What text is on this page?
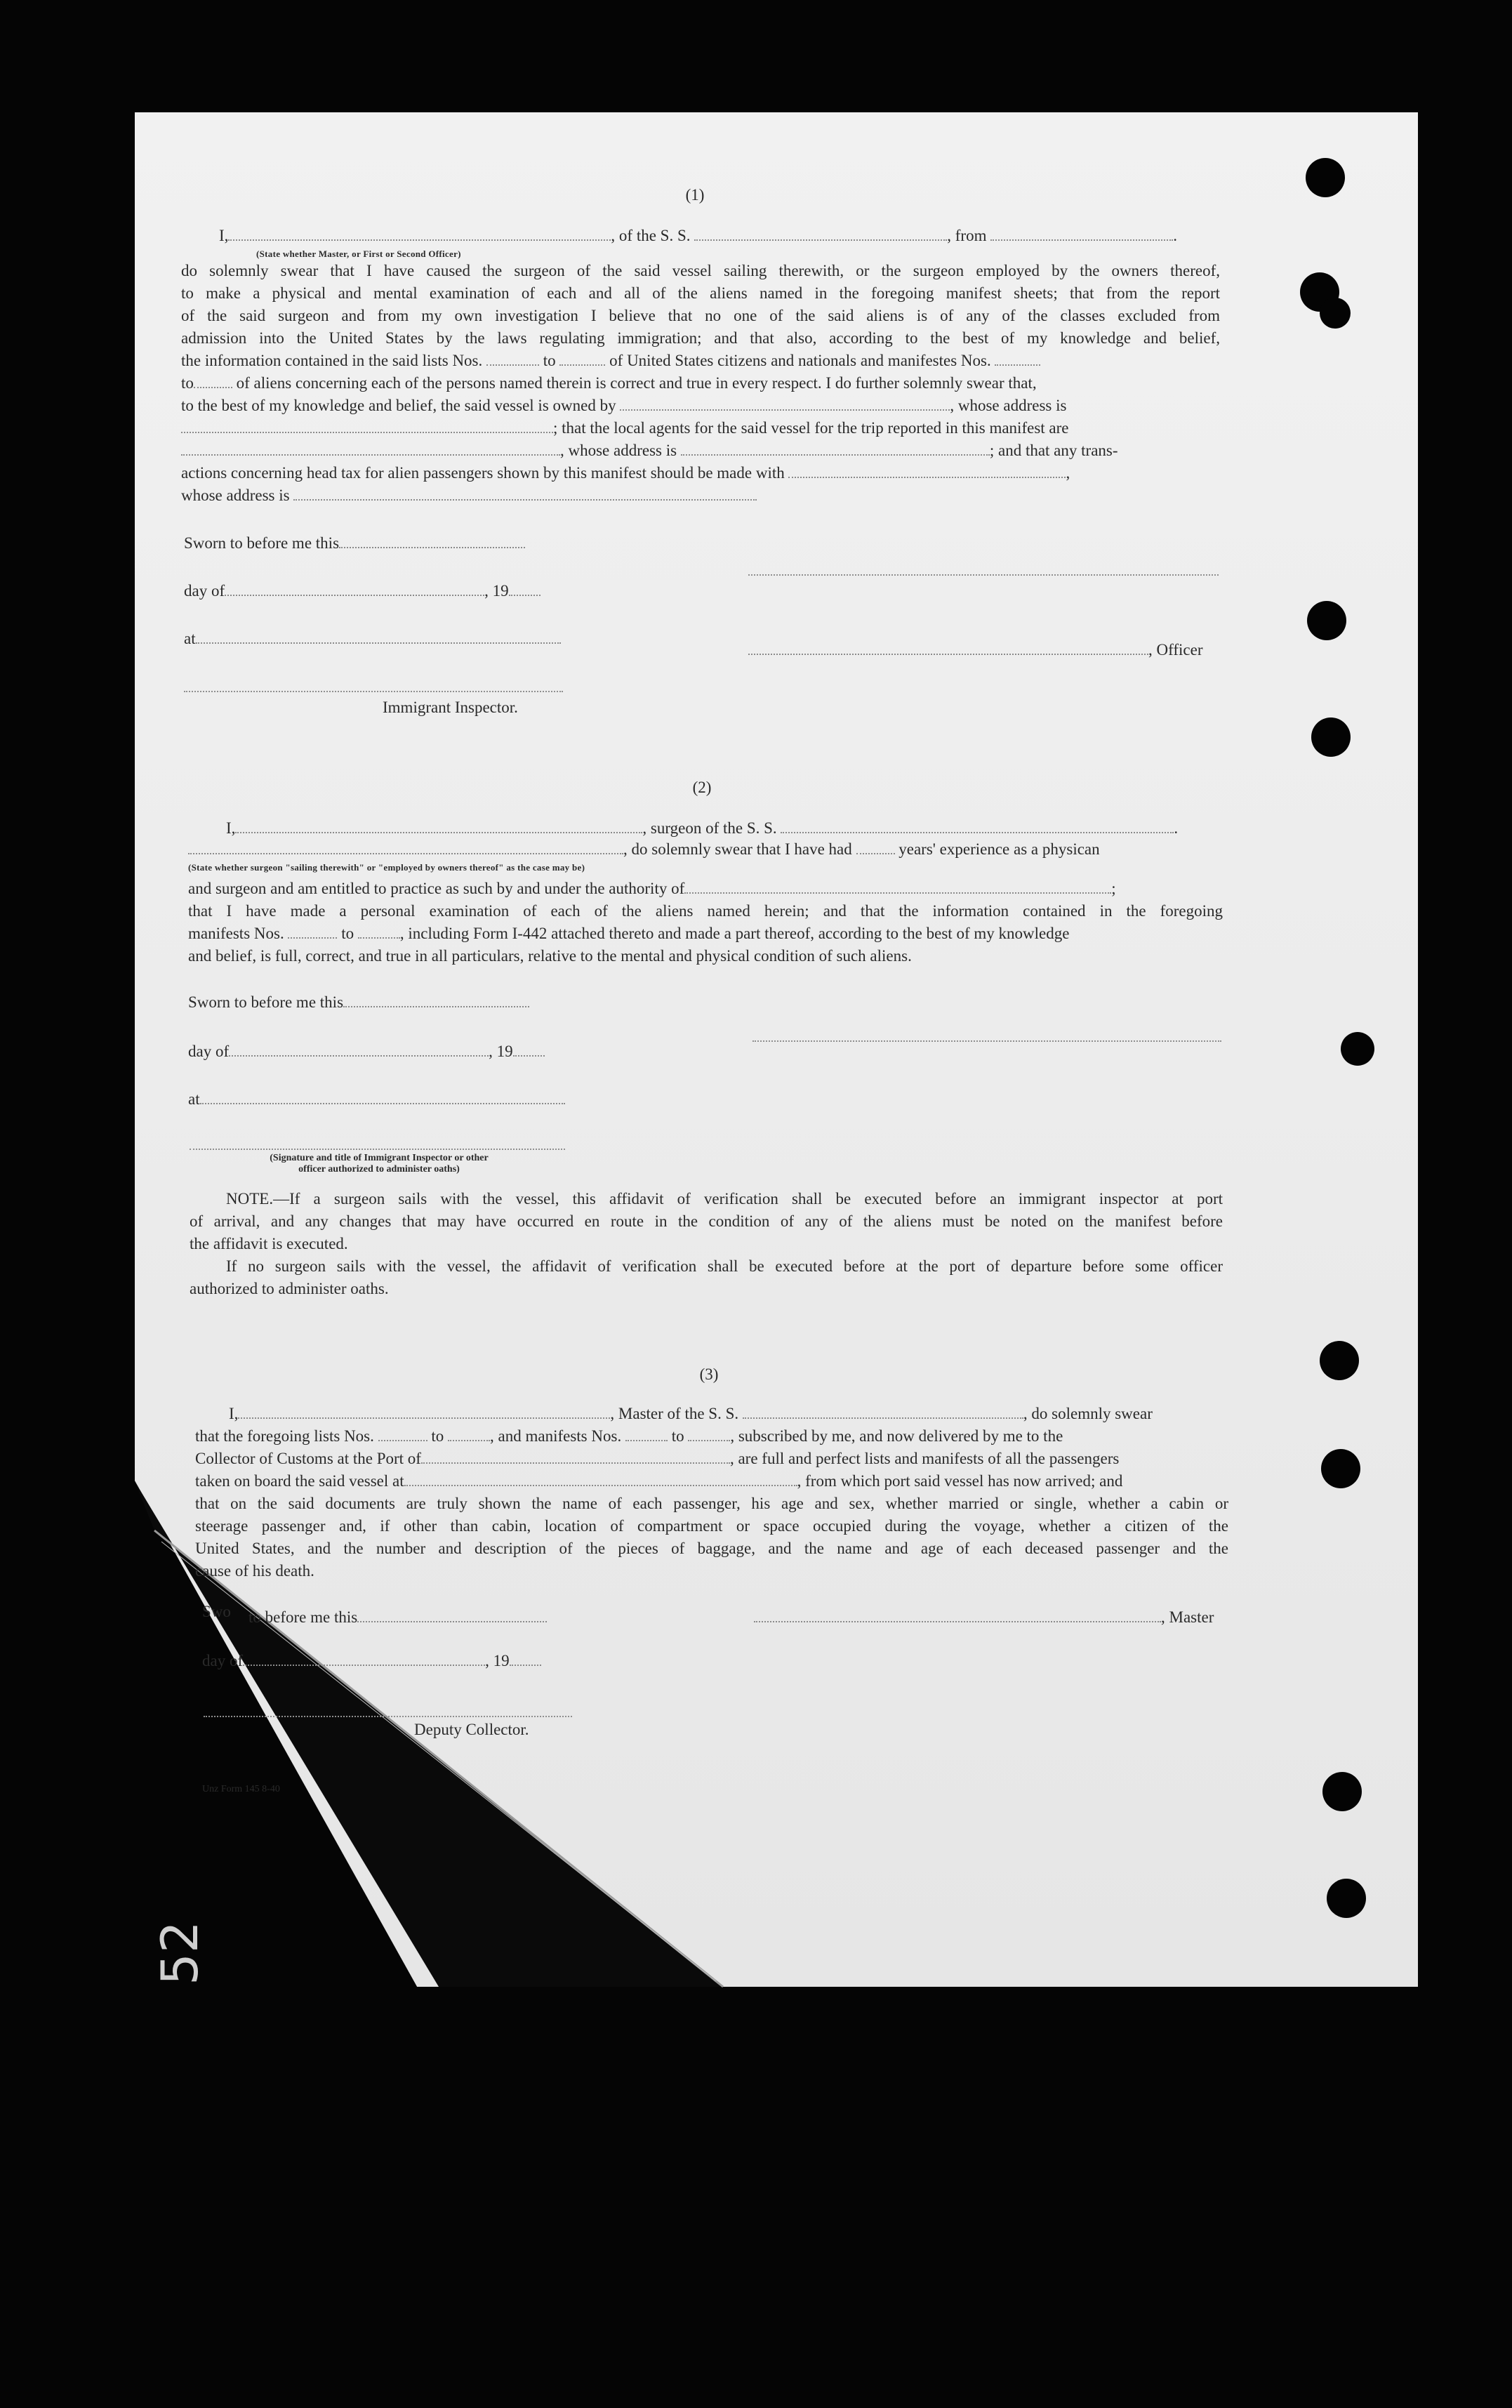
52
(1)
I,	, of the S. S.	, from	.
(State whether Master, or First or Second Officer)
do solemnly swear that I have caused the surgeon of the said vessel sailing therewith, or the surgeon employed by the owners thereof,
to make a physical and mental examination of each and all of the aliens named in the foregoing manifest sheets; that from the report
of the said surgeon and from my own investigation I believe that no one of the said aliens is of any of the classes excluded from
admission into the United States by the laws regulating immigration; and that also, according to the best of my knowledge and belief,
the information contained in the said lists Nos.	to	of United States citizens and nationals and manifestes Nos.
to	of aliens concerning each of the persons named therein is correct and true in every respect. I do further solemnly swear that,
to the best of my knowledge and belief, the said vessel is owned by	, whose address is
; that the local agents for the said vessel for the trip reported in this manifest are
, whose address is	; and that any trans-
actions concerning head tax for alien passengers shown by this manifest should be made with	,
whose address is
Sworn to before me this
day of	, 19
at
, Officer
Immigrant Inspector.
(2)
I,	, surgeon of the S. S.	.
, do solemnly swear that I have had	years' experience as a physican
(State whether surgeon "sailing therewith" or "employed by owners thereof" as the case may be)
and surgeon and am entitled to practice as such by and under the authority of	;
that I have made a personal examination of each of the aliens named herein; and that the information contained in the foregoing
manifests Nos.	to	, including Form I-442 attached thereto and made a part thereof, according to the best of my knowledge
and belief, is full, correct, and true in all particulars, relative to the mental and physical condition of such aliens.
Sworn to before me this
day of	, 19
at
(Signature and title of Immigrant Inspector or other
officer authorized to administer oaths)
NOTE.—If a surgeon sails with the vessel, this affidavit of verification shall be executed before an immigrant inspector at port
of arrival, and any changes that may have occurred en route in the condition of any of the aliens must be noted on the manifest before
the affidavit is executed.
If no surgeon sails with the vessel, the affidavit of verification shall be executed before at the port of departure before some officer
authorized to administer oaths.
(3)
I,	, Master of the S. S.	, do solemnly swear
that the foregoing lists Nos.	to	, and manifests Nos.	to	, subscribed by me, and now delivered by me to the
Collector of Customs at the Port of	, are full and perfect lists and manifests of all the passengers
taken on board the said vessel at	, from which port said vessel has now arrived; and
that on the said documents are truly shown the name of each passenger, his age and sex, whether married or single, whether a cabin or
steerage passenger and, if other than cabin, location of compartment or space occupied during the voyage, whether a citizen of the
United States, and the number and description of the pieces of baggage, and the name and age of each deceased passenger and the
cause of his death.
Swo to before me this	, Master
day of	, 19
Deputy Collector.
Unz Form 145 8-40
